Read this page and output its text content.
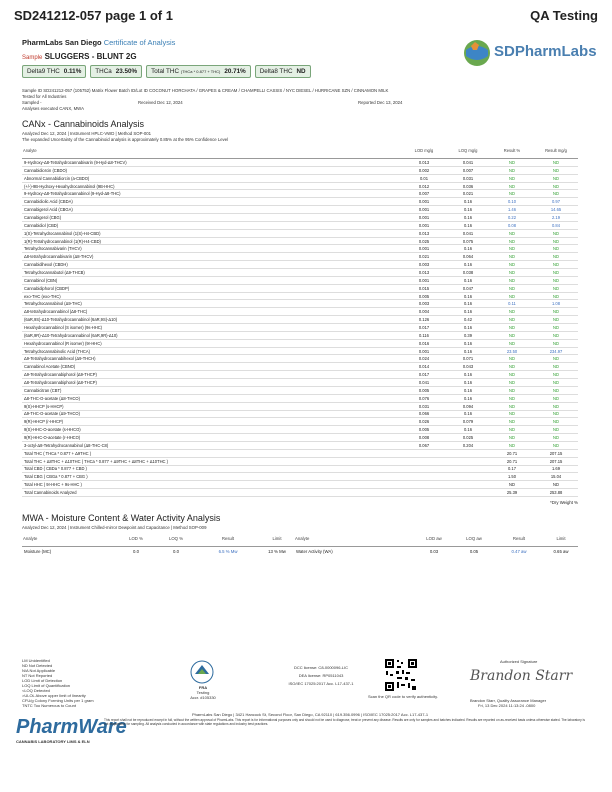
SD241212-057 page 1 of 1	QA Testing
PharmLabs San Diego Certificate of Analysis
Sample SLUGGERS - BLUNT 2G
Delta9 THC 0.11%	THCa 23.50%	Total THC (THCa * 0.877 + THC) 20.71%	Delta8 THC ND
SDPharmLabs
Sample ID SD241212-057 (105752) Matrix Flower Batch ID/Lot ID COCONUT HORCHATA / GRAPES & CREAM / CHAMPELLI CASSIS / NYC DIESEL / HURRICANE SZN / CINNAMON MILK
Tested for All Industries
Sampled -	Received Dec 12, 2024	Reported Dec 13, 2024
Analyses executed CANX, MWA
CANx - Cannabinoids Analysis
Analyzed Dec 12, 2024 | Instrument HPLC-VWD | Method SOP-001
The expanded Uncertainty of the Cannabinoid analysis is approximately 0.85% at the 95% Confidence Level
Analyte	LOD mg/g	LOQ mg/g	Result %	Result mg/g
9-Hydroxy-Δ8-Tetrahydrocannabivarin (9-Hyd-Δ8-THCV)	0.013	0.041	ND	ND
Cannabidiorcin (CBDO)	0.002	0.007	ND	ND
Abnormal Cannabidiorcin (a-CBDO)	0.01	0.031	ND	ND
(+/-)-9B-Hydroxy-Hexahydrocannabinol (9B-HHC)	0.012	0.036	ND	ND
9-Hydroxy-Δ8-Tetrahydrocannabinol (9-Hyd-Δ8-THC)	0.007	0.021	ND	ND
Cannabidiolic Acid (CBDA)	0.001	0.16	0.10	0.97
Cannabigerol Acid (CBGA)	0.001	0.16	1.46	14.65
Cannabigerol (CBG)	0.001	0.16	0.22	2.19
Cannabidiol (CBD)	0.001	0.16	0.08	0.84
1(S)-Tetrahydrocannabinol (1(S)-H4-CBD)	0.013	0.041	ND	ND
1(R)-Tetrahydrocannabinol (1(R)-H4-CBD)	0.025	0.075	ND	ND
Tetrahydrocannabivarin (THCV)	0.001	0.16	ND	ND
Δ8-tetrahydrocannabivarin (Δ8-THCV)	0.021	0.064	ND	ND
Cannabidihexol (CBDH)	0.003	0.16	ND	ND
Tetrahydrocannabutol (Δ9-THCB)	0.013	0.038	ND	ND
Cannabinol (CBN)	0.001	0.16	ND	ND
Cannabidiphorol (CBDP)	0.015	0.047	ND	ND
exo-THC (exo-THC)	0.005	0.16	ND	ND
Tetrahydrocannabinol (Δ9-THC)	0.003	0.16	0.11	1.08
Δ8-tetrahydrocannabinol (Δ8-THC)	0.004	0.16	ND	ND
(6aR,9S)-Δ10-Tetrahydrocannabinol (6aR,9S)-Δ10)	0.126	0.42	ND	ND
Hexahydrocannabinol (S isomer) (9s-HHC)	0.017	0.16	ND	ND
(6aR,9R)-Δ10-Tetrahydrocannabinol (6aR,9R)-Δ10)	0.116	0.39	ND	ND
Hexahydrocannabinol (R isomer) (9r-HHC)	0.016	0.16	ND	ND
Tetrahydrocannabinolic Acid (THCA)	0.001	0.16	23.50	234.97
Δ9-Tetrahydrocannabihexol (Δ9-THCH)	0.024	0.071	ND	ND
Cannabinol Acetate (CBNO)	0.014	0.043	ND	ND
Δ9-Tetrahydrocannabiphorol (Δ9-THCP)	0.017	0.16	ND	ND
Δ8-Tetrahydrocannabiphorol (Δ8-THCP)	0.041	0.16	ND	ND
Cannabicitran (CBT)	0.005	0.16	ND	ND
Δ8-THC-O-acetate (Δ8-THCO)	0.076	0.16	ND	ND
9(S)-HHCP (s-HHCP)	0.031	0.094	ND	ND
Δ9-THC-O-acetate (Δ9-THCO)	0.066	0.16	ND	ND
9(R)-HHCP (r-HHCP)	0.026	0.079	ND	ND
9(S)-HHC-O-acetate (s-HHCO)	0.005	0.16	ND	ND
9(R)-HHC-O-acetate (r-HHCO)	0.008	0.025	ND	ND
3-octyl-Δ8-Tetrahydrocannabinol (Δ8-THC-C8)	0.067	0.204	ND	ND
Total THC ( THCa * 0.877 + Δ9THC )			20.71	207.15
Total THC + Δ8THC + Δ10THC ( THCa * 0.877 + Δ9THC + Δ8THC + Δ10THC )			20.71	207.15
Total CBD ( CBDa * 0.877 + CBD )			0.17	1.69
Total CBG ( CBGa * 0.877 + CBG )			1.50	15.04
Total HHC ( 9r-HHC + 9s-HHC )			ND	ND
Total Cannabinoids Analyzed			25.39	253.88
*Dry Weight %
MWA - Moisture Content & Water Activity Analysis
Analyzed Dec 12, 2024 | Instrument Chilled-mirror Dewpoint and Capacitance | Method SOP-009
Analyte	LOD %	LOQ %	Result	Limit	Analyte	LOD aw	LOQ aw	Result	Limit
Moisture (MC)	0.0	0.0	6.5 % Mw	13 % Mw	Water Activity (WA)	0.03	0.05	0.47 aw	0.65 aw
LM Unidentified
ND Not Detected
N/A Not Applicable
NT Not Reported
LOD Limit of Detection
LOQ Limit of Quantification
<LOQ Detected
>ULOL Above upper limit of linearity
CFU/g Colony Forming Units per 1 gram
TNTC Too Numerous to Count
FRA
Testing
Accr. #105330
DCC license: C8-0000096-LIC
DEA license: RP0511043
ISO/IEC 17025:2017 Acc. L17-437-1
Scan the QR code to verify authenticity.
Authorized Signature
Brandon Starr
Brandon Starr, Quality Assurance Manager
Fri, 13 Dec 2024 11:13:24 -0800
PharmWare
CANNABIS LABORATORY LIMS & ELN
PharmLabs San Diego | 3421 Hancock St, Second Floor, San Diego, CA 92110 | 619.356.0996 | ISO/IEC 17025:2017 Acc. L17-437-1
This report shall not be reproduced except in full, without the written approval of PharmLabs. This report is for informational purposes only and should not be used to diagnose, treat or prevent any disease. Results are only for samples and batches indicated. Results are reported on as-received basis unless otherwise stated. The laboratory is not responsible for sampling. All analysis conducted in accordance with state regulations and industry best practices.
